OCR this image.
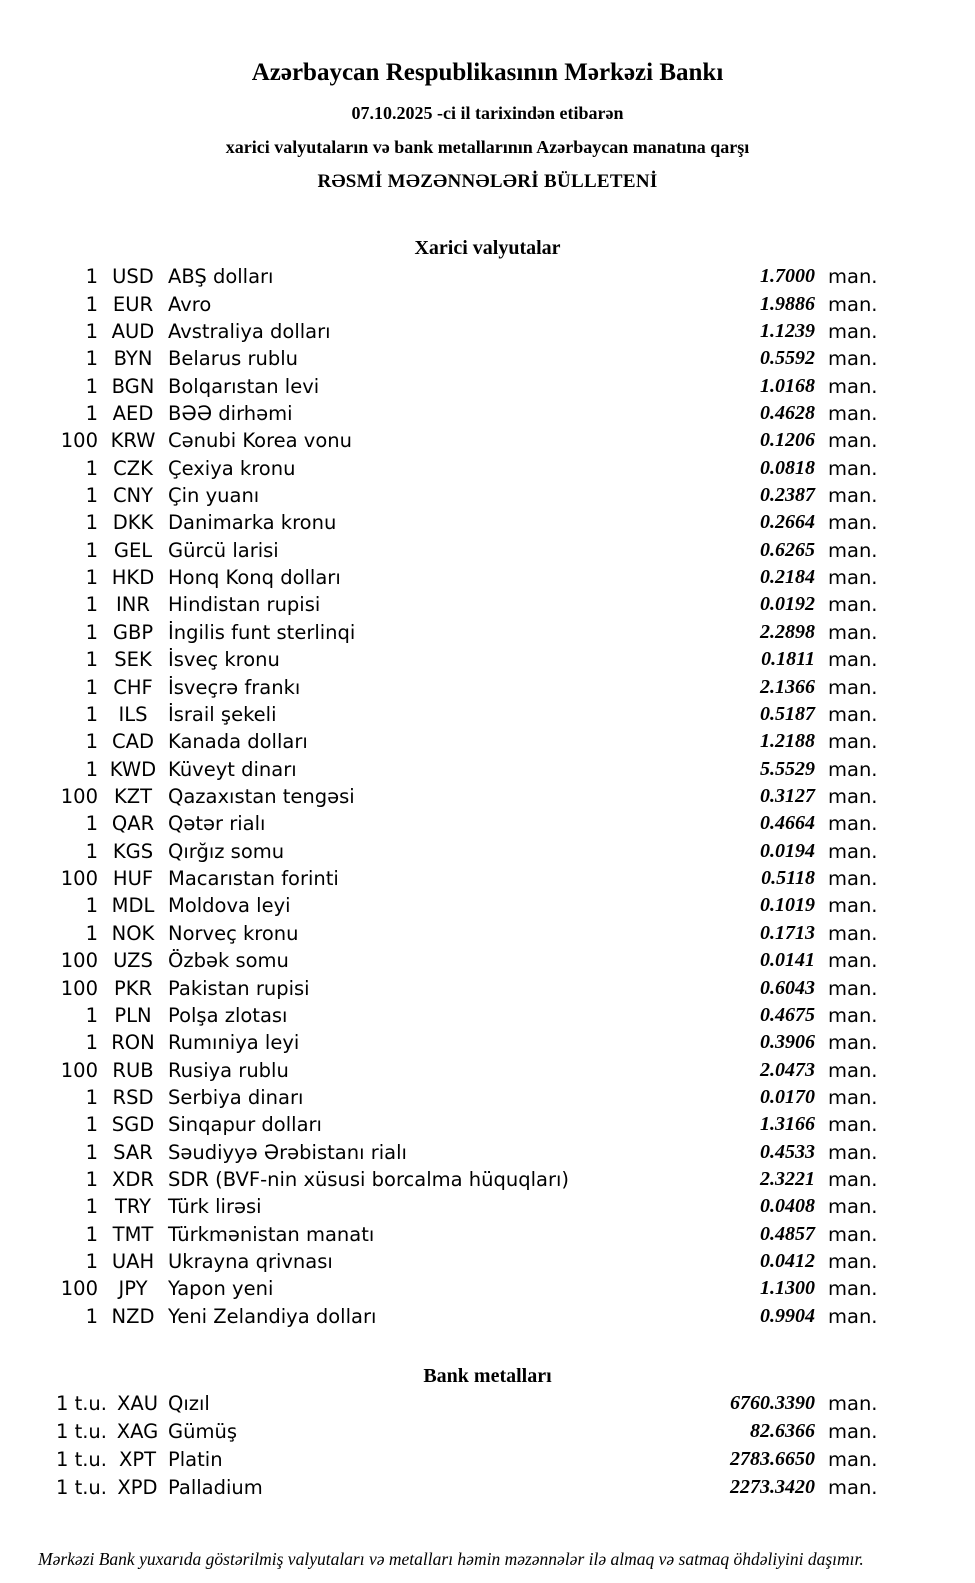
Azərbaycan Respublikasının Mərkəzi Bankı
07.10.2025 -ci il tarixindən etibarən
xarici valyutaların və bank metallarının Azərbaycan manatına qarşı
RƏSMİ MƏZƏNNƏLƏRİ BÜLLETENİ
Xarici valyutalar
1 USD ABŞ dolları	1.7000 man.
1 EUR Avro	1.9886 man.
1 AUD Avstraliya dolları	1.1239 man.
1 BYN Belarus rublu	0.5592 man.
1 BGN Bolqarıstan levi	1.0168 man.
1 AED BƏƏ dirhəmi	0.4628 man.
100 KRW Cənubi Korea vonu	0.1206 man.
1 CZK Çexiya kronu	0.0818 man.
1 CNY Çin yuanı	0.2387 man.
1 DKK Danimarka kronu	0.2664 man.
1 GEL Gürcü larisi	0.6265 man.
1 HKD Honq Konq dolları	0.2184 man.
1 INR Hindistan rupisi	0.0192 man.
1 GBP İngilis funt sterlinqi	2.2898 man.
1 SEK İsveç kronu	0.1811 man.
1 CHF İsveçrə frankı	2.1366 man.
1	ILS	İsrail şekeli	0.5187 man.
1 CAD Kanada dolları	1.2188 man.
1 KWD Küveyt dinarı	5.5529 man.
100 KZT Qazaxıstan tengəsi	0.3127 man.
1 QAR Qətər rialı	0.4664 man.
1 KGS Qırğız somu	0.0194 man.
100 HUF Macarıstan forinti	0.5118 man.
1 MDL Moldova leyi	0.1019 man.
1 NOK Norveç kronu	0.1713 man.
100 UZS Özbək somu	0.0141 man.
100 PKR Pakistan rupisi	0.6043 man.
1 PLN Polşa zlotası	0.4675 man.
1 RON Rumıniya leyi	0.3906 man.
100 RUB Rusiya rublu	2.0473 man.
1 RSD Serbiya dinarı	0.0170 man.
1 SGD Sinqapur dolları	1.3166 man.
1 SAR Səudiyyə Ərəbistanı rialı	0.4533 man.
1 XDR SDR (BVF-nin xüsusi borcalma hüquqları)	2.3221 man.
1 TRY Türk lirəsi	0.0408 man.
1 TMT Türkmənistan manatı	0.4857 man.
1 UAH Ukrayna qrivnası	0.0412 man.
100	JPY	Yapon yeni	1.1300 man.
1 NZD Yeni Zelandiya dolları	0.9904 man.
Bank metalları
1 t.u. XAU Qızıl	6760.3390 man.
1 t.u. XAG Gümüş	82.6366 man.
1 t.u. XPT Platin	2783.6650 man.
1 t.u. XPD Palladium	2273.3420 man.
Mərkəzi Bank yuxarıda göstərilmiş valyutaları və metalları həmin məzənnələr ilə almaq və satmaq öhdəliyini daşımır.
